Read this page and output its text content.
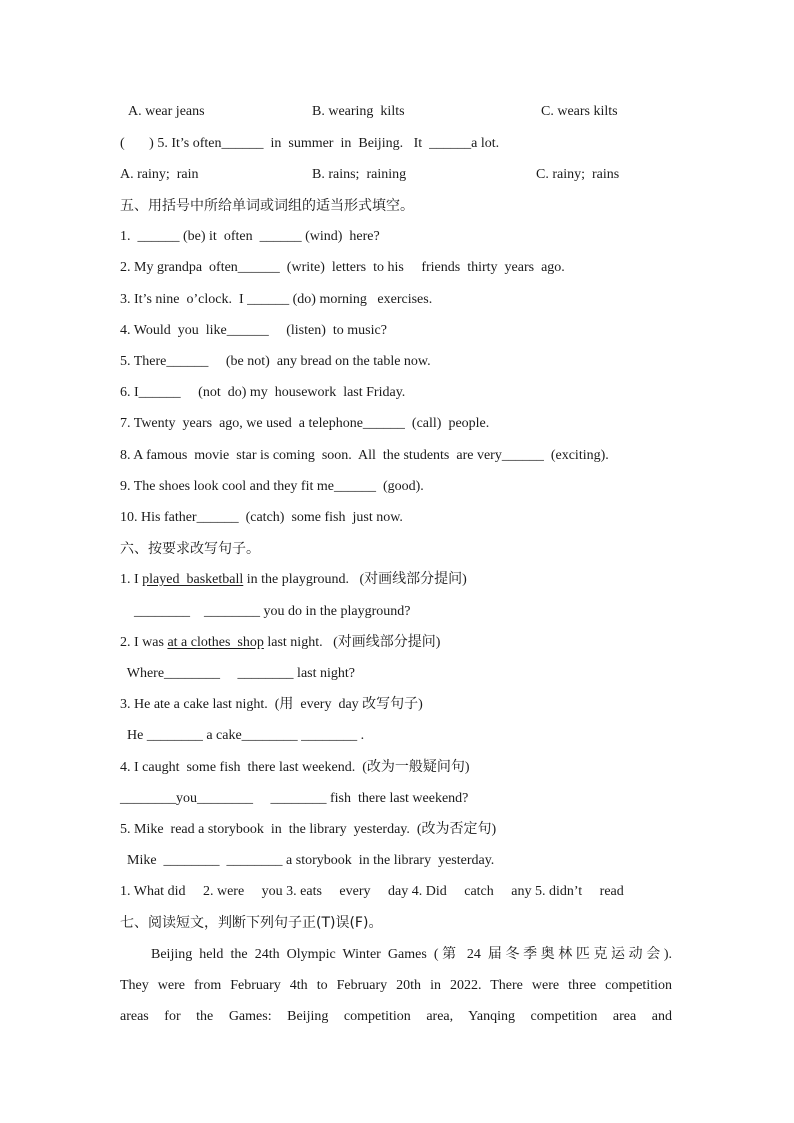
A. wear jeans

	B. wearing  kilts

	C. wears kilts

(       ) 5. It’s often______  in  summer  in  Beijing.   It  ______a lot.

A. rainy;  rain

	B. rains;  raining

	C. rainy;  rains

五、用括号中所给单词或词组的适当形式填空。
1.  ______ (be) it  often  ______ (wind)  here?
2. My grandpa  often______  (write)  letters  to his     friends  thirty  years  ago.
3. It’s nine  o’clock.  I ______ (do) morning   exercises.
4. Would  you  like______     (listen)  to music?
5. There______     (be not)  any bread on the table now.
6. I______     (not  do) my  housework  last Friday.
7. Twenty  years  ago, we used  a telephone______  (call)  people.
8. A famous  movie  star is coming  soon.  All  the students  are very______  (exciting).
9. The shoes look cool and they fit me______  (good).
10. His father______  (catch)  some fish  just now.
六、按要求改写句子。
1. I played  basketball in the playground.   (对画线部分提问)
________    ________ you do in the playground?
2. I was at a clothes  shop last night.   (对画线部分提问)
Where________     ________ last night?
3. He ate a cake last night.  (用  every  day 改写句子)
He ________ a cake________ ________ .
4. I caught  some fish  there last weekend.  (改为一般疑问句)
________you________     ________ fish  there last weekend?
5. Mike  read a storybook  in  the library  yesterday.  (改为否定句)
Mike  ________  ________ a storybook  in the library  yesterday.
1. What did     2. were     you 3. eats     every     day 4. Did     catch     any 5. didn’t     read
七、阅读短文，判断下列句子正(T)误(F)。
Beijing held the 24th Olympic Winter Games (第 24 届冬季奥林匹克运动会).
They were from February 4th to February 20th in 2022. There were three competition
areas for the Games: Beijing competition area, Yanqing competition area and
